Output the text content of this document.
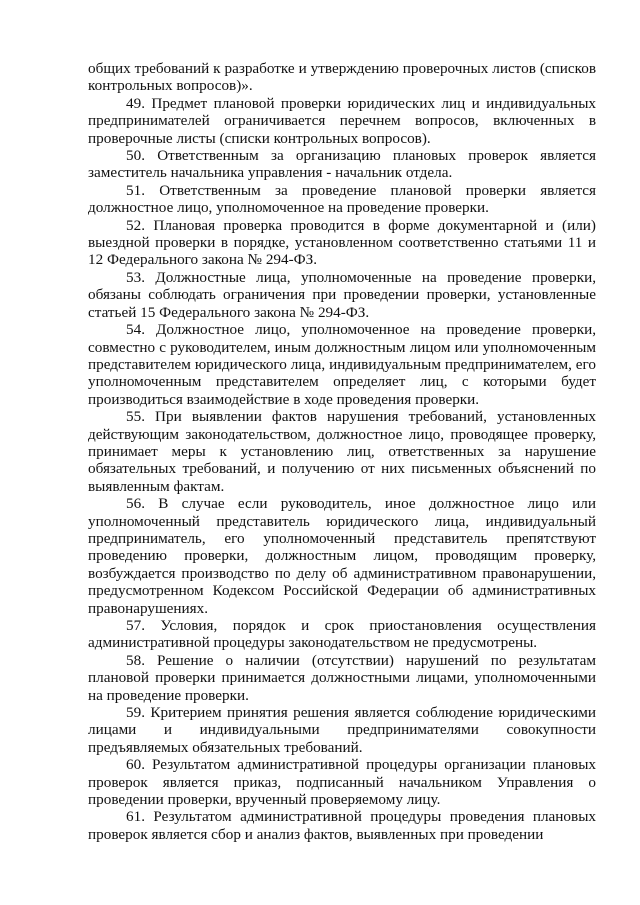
общих требований к разработке и утверждению проверочных листов (списков контрольных вопросов)».

49. Предмет плановой проверки юридических лиц и индивидуальных предпринимателей ограничивается перечнем вопросов, включенных в проверочные листы (списки контрольных вопросов).

50. Ответственным за организацию плановых проверок является заместитель начальника управления - начальник отдела.

51. Ответственным за проведение плановой проверки является должностное лицо, уполномоченное на проведение проверки.

52. Плановая проверка проводится в форме документарной и (или) выездной проверки в порядке, установленном соответственно статьями 11 и 12 Федерального закона № 294-ФЗ.

53. Должностные лица, уполномоченные на проведение проверки, обязаны соблюдать ограничения при проведении проверки, установленные статьей 15 Федерального закона № 294-ФЗ.

54. Должностное лицо, уполномоченное на проведение проверки, совместно с руководителем, иным должностным лицом или уполномоченным представителем юридического лица, индивидуальным предпринимателем, его уполномоченным представителем определяет лиц, с которыми будет производиться взаимодействие в ходе проведения проверки.

55. При выявлении фактов нарушения требований, установленных действующим законодательством, должностное лицо, проводящее проверку, принимает меры к установлению лиц, ответственных за нарушение обязательных требований, и получению от них письменных объяснений по выявленным фактам.

56. В случае если руководитель, иное должностное лицо или уполномоченный представитель юридического лица, индивидуальный предприниматель, его уполномоченный представитель препятствуют проведению проверки, должностным лицом, проводящим проверку, возбуждается производство по делу об административном правонарушении, предусмотренном Кодексом Российской Федерации об административных правонарушениях.

57. Условия, порядок и срок приостановления осуществления административной процедуры законодательством не предусмотрены.

58. Решение о наличии (отсутствии) нарушений по результатам плановой проверки принимается должностными лицами, уполномоченными на проведение проверки.

59. Критерием принятия решения является соблюдение юридическими лицами и индивидуальными предпринимателями совокупности предъявляемых обязательных требований.

60. Результатом административной процедуры организации плановых проверок является приказ, подписанный начальником Управления о проведении проверки, врученный проверяемому лицу.

61. Результатом административной процедуры проведения плановых проверок является сбор и анализ фактов, выявленных при проведении
